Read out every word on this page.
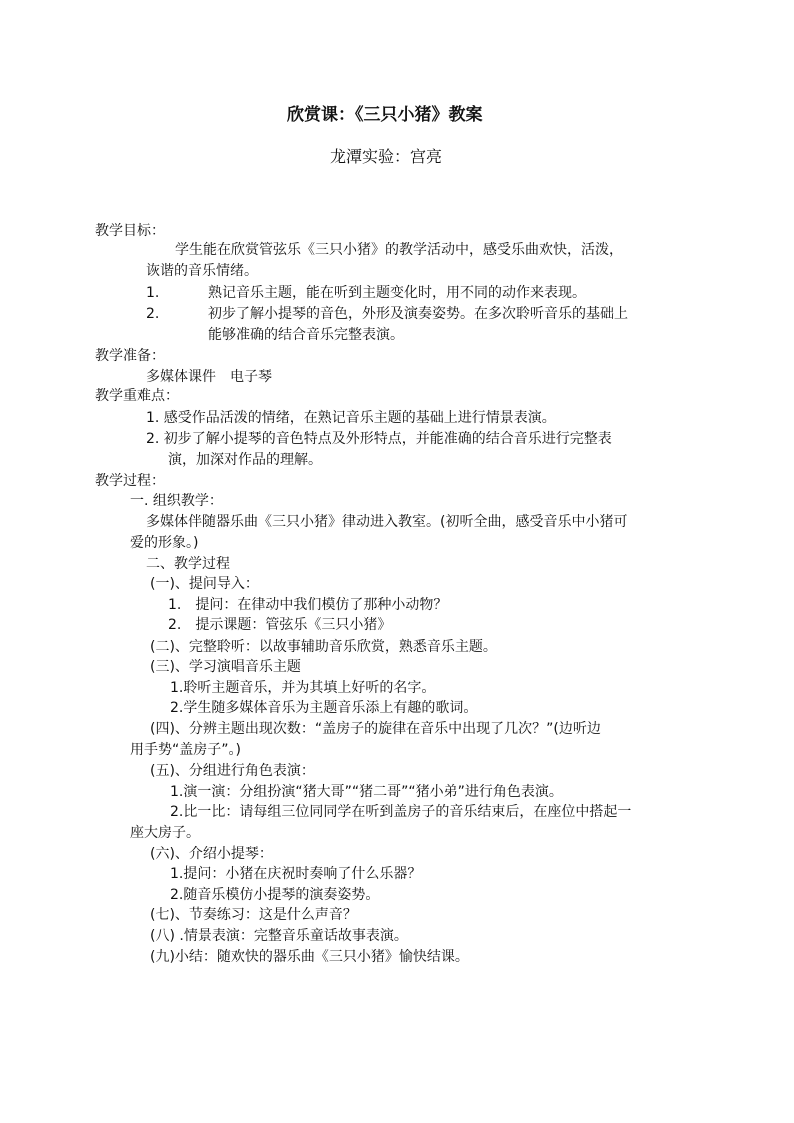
欣赏课：《三只小猪》教案
龙潭实验：宫亮
教学目标：
学生能在欣赏管弦乐《三只小猪》的教学活动中，感受乐曲欢快，活泼，
诙谐的音乐情绪。
1.	熟记音乐主题，能在听到主题变化时，用不同的动作来表现。
2.	初步了解小提琴的音色，外形及演奏姿势。在多次聆听音乐的基础上
能够准确的结合音乐完整表演。
教学准备：
多媒体课件　电子琴
教学重难点：
1. 感受作品活泼的情绪，在熟记音乐主题的基础上进行情景表演。
2. 初步了解小提琴的音色特点及外形特点，并能准确的结合音乐进行完整表
演，加深对作品的理解。
教学过程：
一. 组织教学：
多媒体伴随器乐曲《三只小猪》律动进入教室。(初听全曲，感受音乐中小猪可
爱的形象。)
二、教学过程
(一)、提问导入：
1.　提问：在律动中我们模仿了那种小动物？
2.　提示课题：管弦乐《三只小猪》
(二)、完整聆听：以故事辅助音乐欣赏，熟悉音乐主题。
(三)、学习演唱音乐主题
1.聆听主题音乐，并为其填上好听的名字。
2.学生随多媒体音乐为主题音乐添上有趣的歌词。
(四)、分辨主题出现次数：“盖房子的旋律在音乐中出现了几次？”(边听边
用手势“盖房子”。)
(五)、分组进行角色表演：
1.演一演：分组扮演“猪大哥”“猪二哥”“猪小弟”进行角色表演。
2.比一比：请每组三位同同学在听到盖房子的音乐结束后，在座位中搭起一
座大房子。
(六)、介绍小提琴：
1.提问：小猪在庆祝时奏响了什么乐器？
2.随音乐模仿小提琴的演奏姿势。
(七)、节奏练习：这是什么声音？
(八) .情景表演：完整音乐童话故事表演。
(九)小结：随欢快的器乐曲《三只小猪》愉快结课。
